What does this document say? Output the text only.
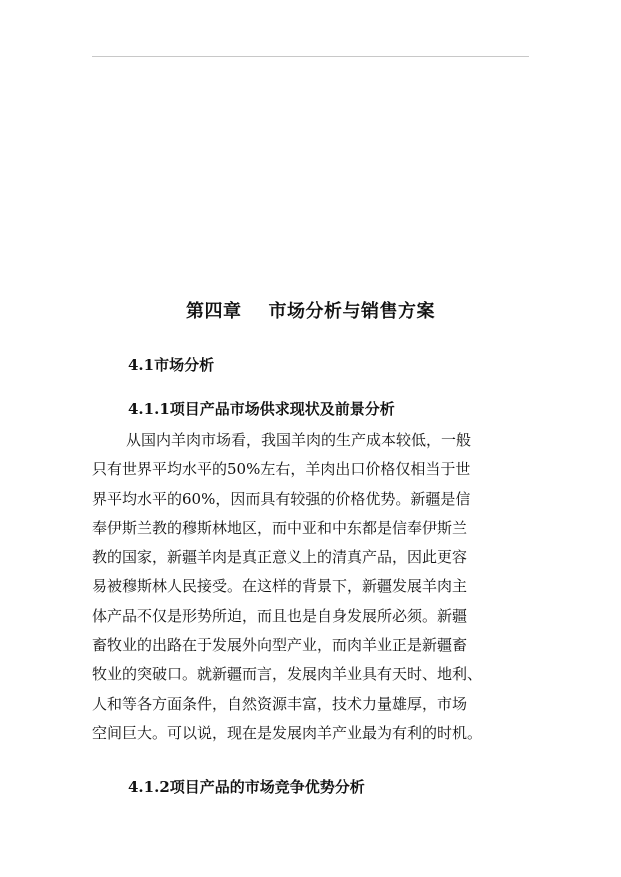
第四章    市场分析与销售方案
4.1市场分析
4.1.1项目产品市场供求现状及前景分析
从国内羊肉市场看，我国羊肉的生产成本较低，一般
只有世界平均水平的50%左右，羊肉出口价格仅相当于世
界平均水平的60%，因而具有较强的价格优势。新疆是信
奉伊斯兰教的穆斯林地区，而中亚和中东都是信奉伊斯兰
教的国家，新疆羊肉是真正意义上的清真产品，因此更容
易被穆斯林人民接受。在这样的背景下，新疆发展羊肉主
体产品不仅是形势所迫，而且也是自身发展所必须。新疆
畜牧业的出路在于发展外向型产业，而肉羊业正是新疆畜
牧业的突破口。就新疆而言，发展肉羊业具有天时、地利、
人和等各方面条件，自然资源丰富，技术力量雄厚，市场
空间巨大。可以说，现在是发展肉羊产业最为有利的时机。
4.1.2项目产品的市场竞争优势分析
